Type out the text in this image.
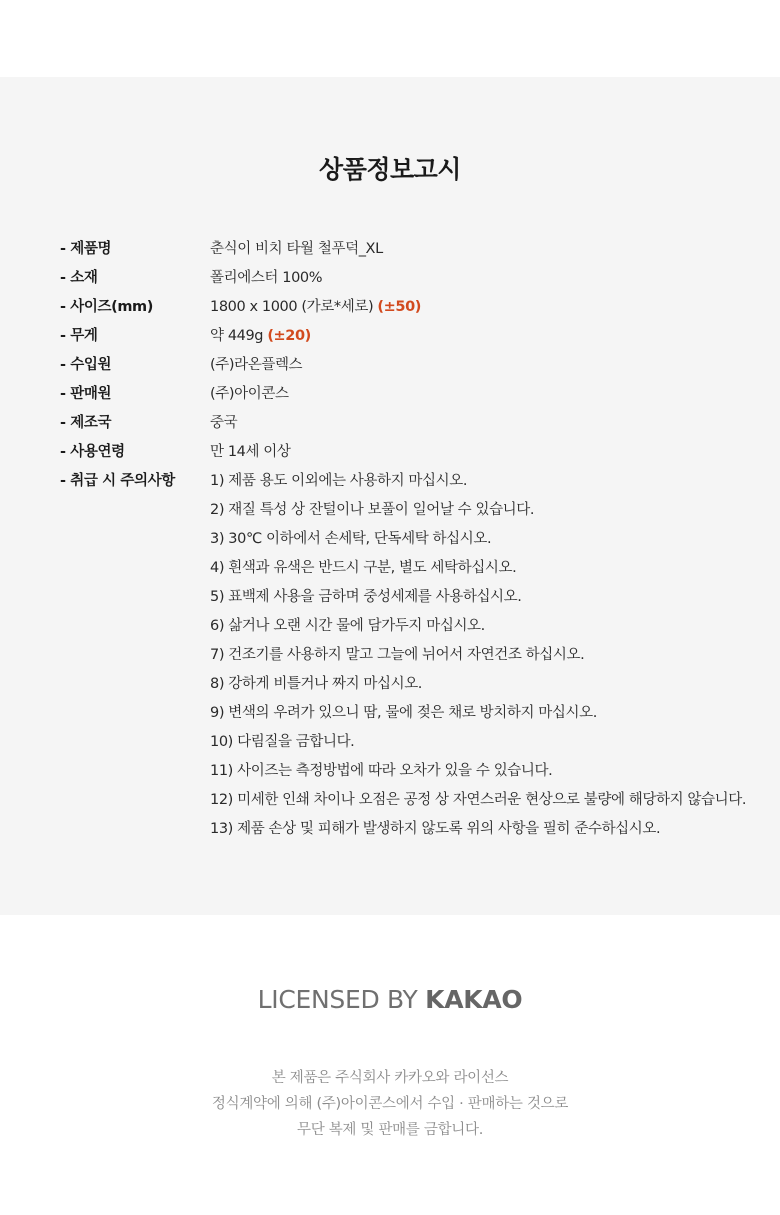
상품정보고시
- 제품명	춘식이 비치 타월 철푸덕_XL
- 소재	폴리에스터 100%
- 사이즈(mm)	1800 x 1000 (가로*세로) (±50)
- 무게	약 449g (±20)
- 수입원	(주)라온플렉스
- 판매원	(주)아이콘스
- 제조국	중국
- 사용연령	만 14세 이상
- 취급 시 주의사항	1) 제품 용도 이외에는 사용하지 마십시오.
2) 재질 특성 상 잔털이나 보풀이 일어날 수 있습니다.
3) 30℃ 이하에서 손세탁, 단독세탁 하십시오.
4) 흰색과 유색은 반드시 구분, 별도 세탁하십시오.
5) 표백제 사용을 금하며 중성세제를 사용하십시오.
6) 삶거나 오랜 시간 물에 담가두지 마십시오.
7) 건조기를 사용하지 말고 그늘에 뉘어서 자연건조 하십시오.
8) 강하게 비틀거나 짜지 마십시오.
9) 변색의 우려가 있으니 땀, 물에 젖은 채로 방치하지 마십시오.
10) 다림질을 금합니다.
11) 사이즈는 측정방법에 따라 오차가 있을 수 있습니다.
12) 미세한 인쇄 차이나 오점은 공정 상 자연스러운 현상으로 불량에 해당하지 않습니다.
13) 제품 손상 및 피해가 발생하지 않도록 위의 사항을 필히 준수하십시오.
LICENSED BY KAKAO
본 제품은 주식회사 카카오와 라이선스
정식계약에 의해 (주)아이콘스에서 수입 · 판매하는 것으로
무단 복제 및 판매를 금합니다.
